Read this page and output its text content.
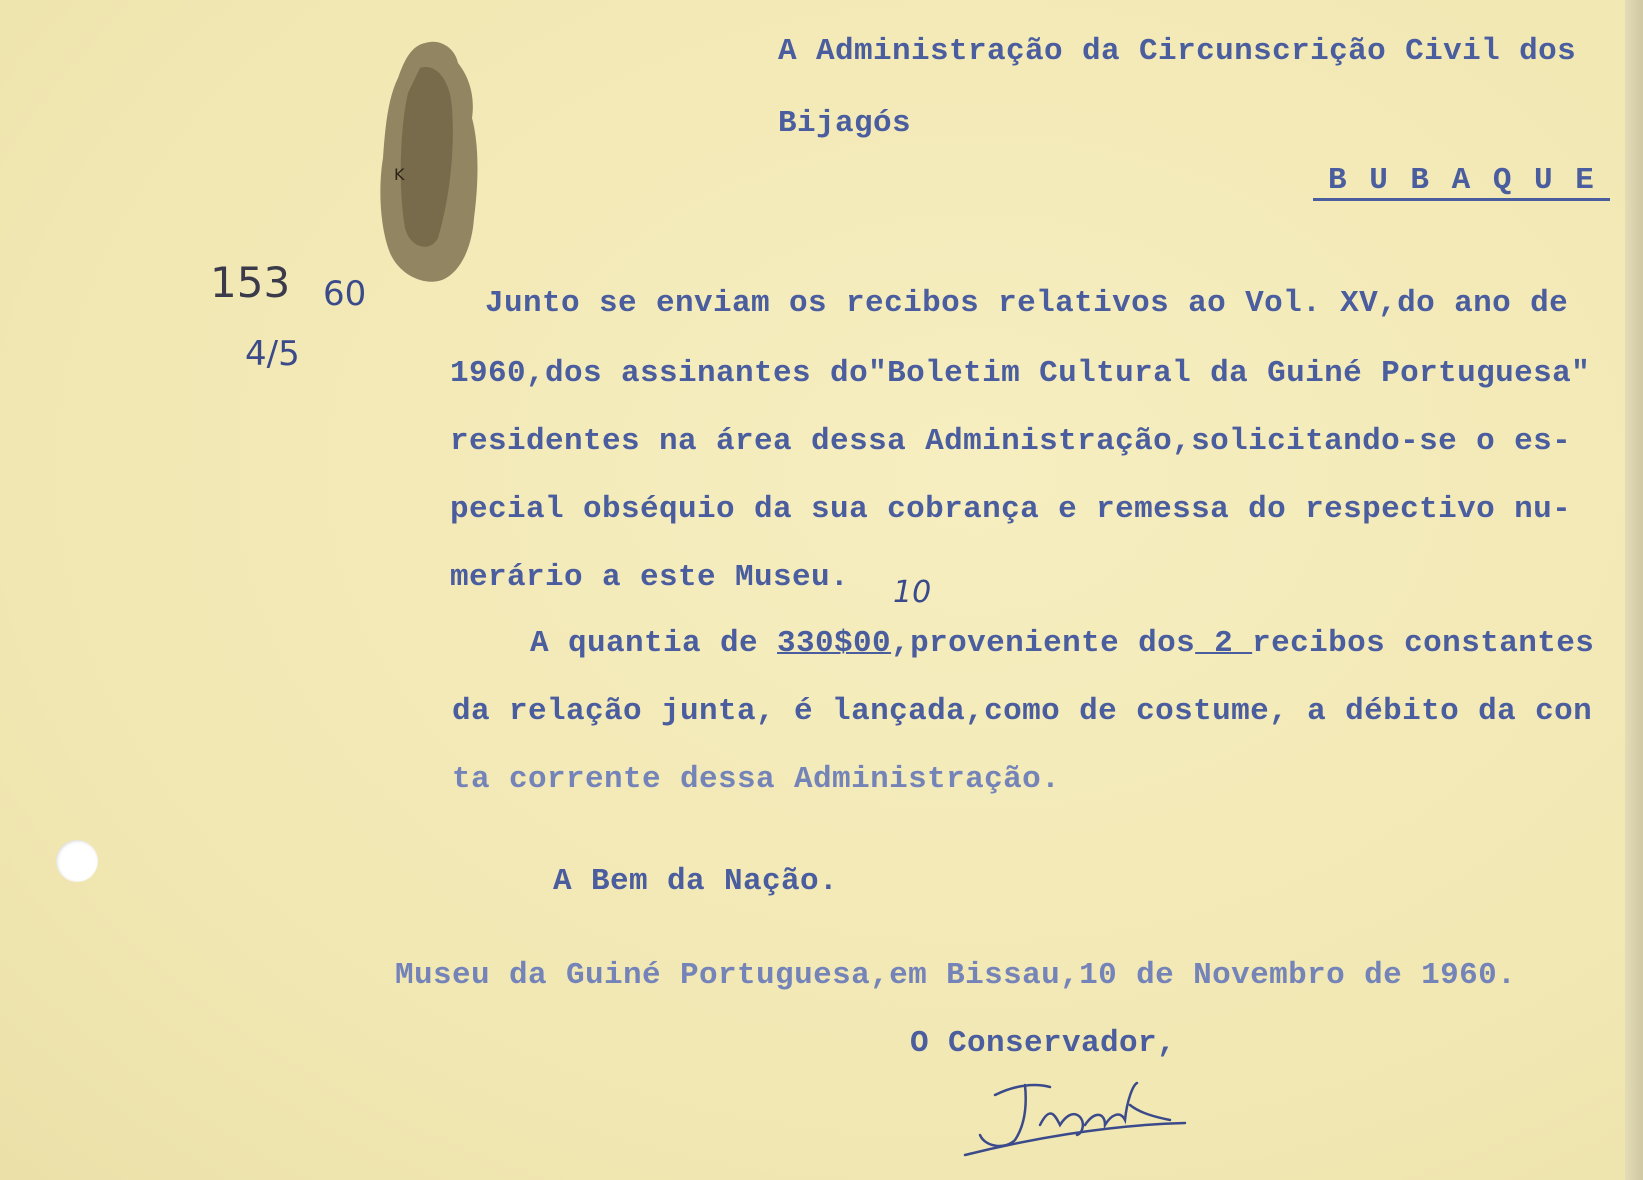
K
A Administração da Circunscrição Civil dos
Bijagós
B U B A Q U E
153 60
4/5
Junto se enviam os recibos relativos ao Vol. XV,do ano de
1960,dos assinantes do"Boletim Cultural da Guiné Portuguesa"
residentes na área dessa Administração,solicitando-se o es-
pecial obséquio da sua cobrança e remessa do respectivo nu-
merário a este Museu. 10
A quantia de 330$00,proveniente dos 2 recibos constantes
da relação junta, é lançada,como de costume, a débito da con
ta corrente dessa Administração.
A Bem da Nação.
Museu da Guiné Portuguesa,em Bissau,10 de Novembro de 1960.
O Conservador,
